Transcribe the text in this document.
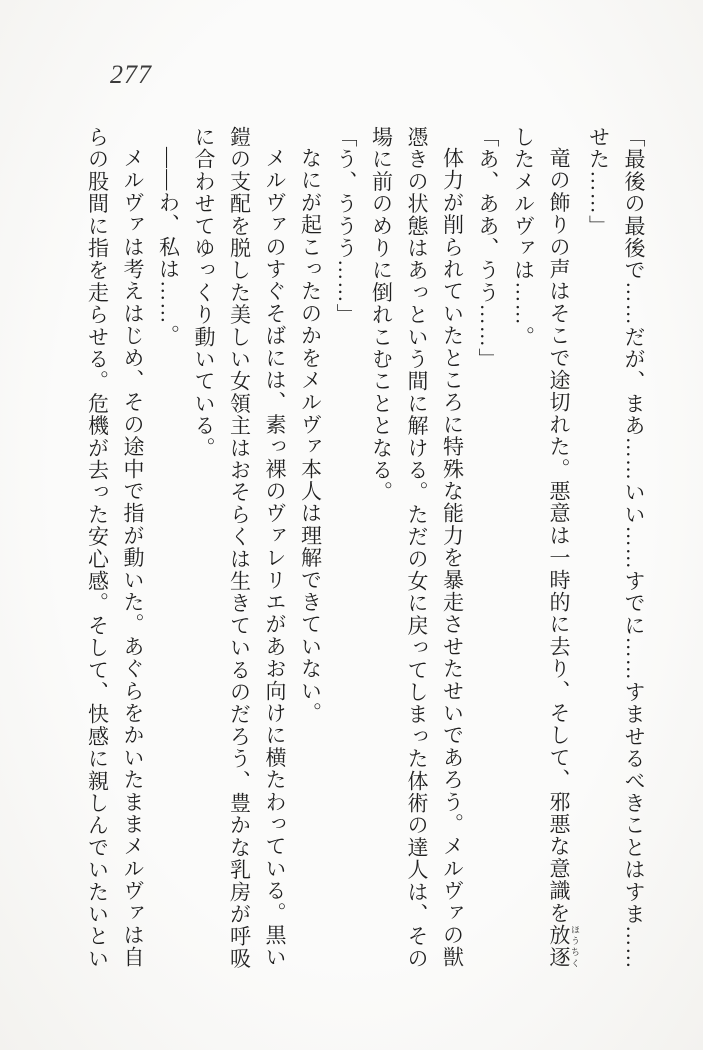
277

「最後の最後で……だが、まあ……いい……すでに……すませるべきことはすま……

せた……」

竜の飾りの声はそこで途切れた。悪意は一時的に去り、そして、邪悪な意識を放逐 ほうちく

したメルヴァは……。

「あ、ああ、うう……」

体力が削られていたところに特殊な能力を暴走させたせいであろう。メルヴァの獣

憑きの状態はあっという間に解ける。ただの女に戻ってしまった体術の達人は、その

場に前のめりに倒れこむこととなる。

「う、ううう……」

なにが起こったのかをメルヴァ本人は理解できていない。

メルヴァのすぐそばには、素っ裸のヴァレリエがあお向けに横たわっている。黒い

鎧の支配を脱した美しい女領主はおそらくは生きているのだろう、豊かな乳房が呼吸

に合わせてゆっくり動いている。

――わ、私は……。

メルヴァは考えはじめ、その途中で指が動いた。あぐらをかいたままメルヴァは自

らの股間に指を走らせる。危機が去った安心感。そして、快感に親しんでいたいとい
